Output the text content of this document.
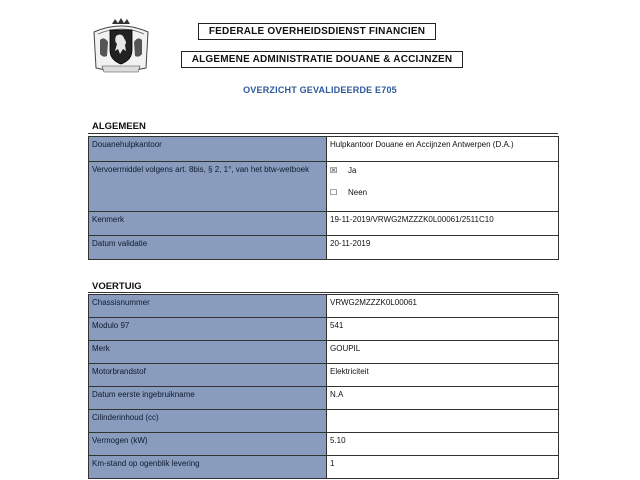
FEDERALE OVERHEIDSDIENST FINANCIEN
ALGEMENE ADMINISTRATIE DOUANE & ACCIJNZEN
OVERZICHT GEVALIDEERDE E705
ALGEMEEN
Douanehulpkantoor	Hulpkantoor Douane en Accijnzen Antwerpen (D.A.)
Vervoermiddel volgens art. 8bis, § 2, 1°, van het btw-wetboek	☒ Ja
☐ Neen

Kenmerk	19-11-2019/VRWG2MZZZK0L00061/2511C10
Datum validatie	20-11-2019
VOERTUIG
Chassisnummer	VRWG2MZZZK0L00061
Modulo 97	541
Merk	GOUPIL
Motorbrandstof	Elektriciteit
Datum eerste ingebruikname	N.A
Cilinderinhoud (cc)	
Vermogen (kW)	5.10
Km-stand op ogenblik levering	1
